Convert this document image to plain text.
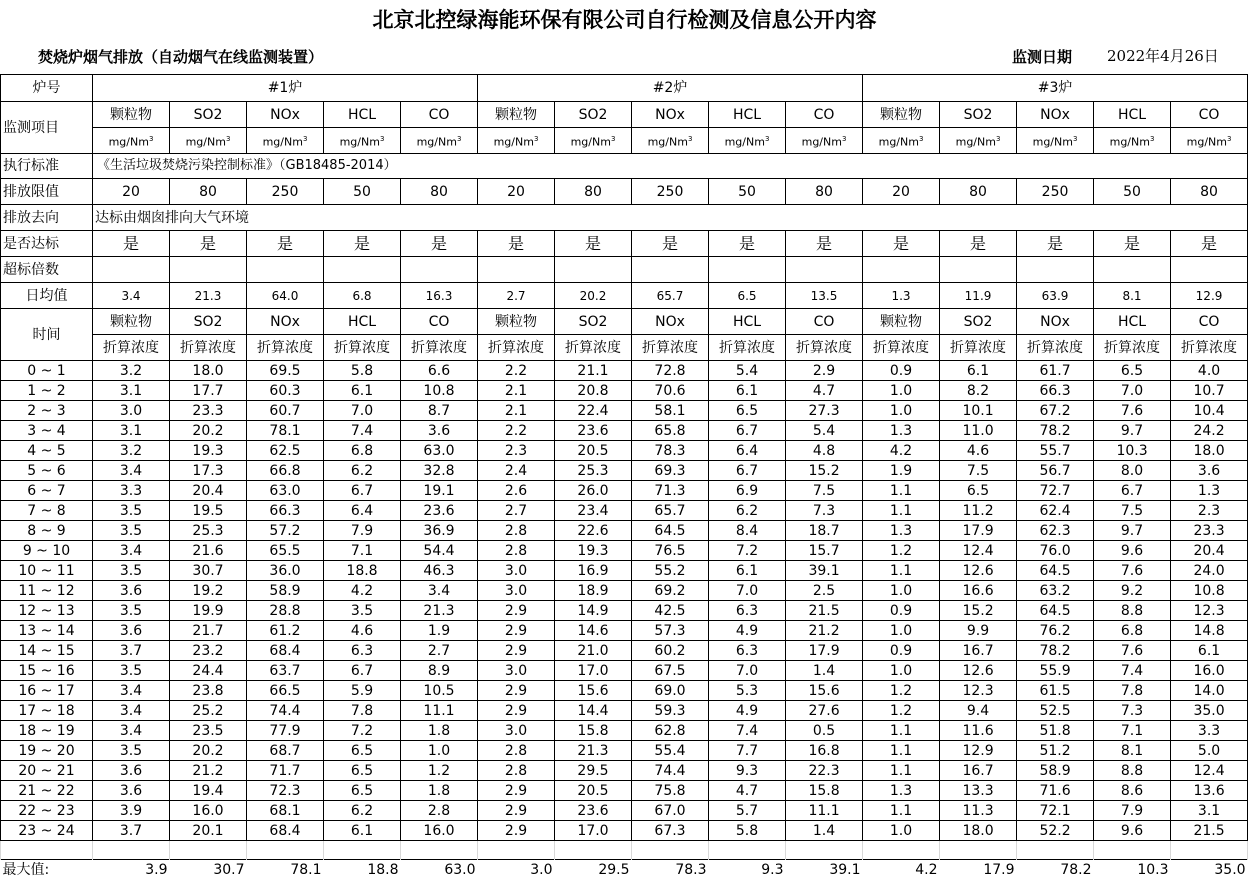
北京北控绿海能环保有限公司自行检测及信息公开内容
焚烧炉烟气排放（自动烟气在线监测装置）	监测日期 2022年4月26日
炉号	#1炉					#2炉					#3炉				
监测项目	颗粒物	SO2	NOx	HCL	CO	颗粒物	SO2	NOx	HCL	CO	颗粒物	SO2	NOx	HCL	CO
	mg/Nm$^3$	mg/Nm$^3$	mg/Nm$^3$	mg/Nm$^3$	mg/Nm$^3$	mg/Nm$^3$	mg/Nm$^3$	mg/Nm$^3$	mg/Nm$^3$	mg/Nm$^3$	mg/Nm$^3$	mg/Nm$^3$	mg/Nm$^3$	mg/Nm$^3$	mg/Nm$^3$
执行标准	《生活垃圾焚烧污染控制标准》（GB18485-2014）														
排放限值	20	80	250	50	80	20	80	250	50	80	20	80	250	50	80
排放去向	达标由烟囱排向大气环境														
是否达标	是	是	是	是	是	是	是	是	是	是	是	是	是	是	是
超标倍数															
日均值	3.4	21.3	64.0	6.8	16.3	2.7	20.2	65.7	6.5	13.5	1.3	11.9	63.9	8.1	12.9
时间	颗粒物	SO2	NOx	HCL	CO	颗粒物	SO2	NOx	HCL	CO	颗粒物	SO2	NOx	HCL	CO
	折算浓度	折算浓度	折算浓度	折算浓度	折算浓度	折算浓度	折算浓度	折算浓度	折算浓度	折算浓度	折算浓度	折算浓度	折算浓度	折算浓度	折算浓度
0 ~ 1	3.2	18.0	69.5	5.8	6.6	2.2	21.1	72.8	5.4	2.9	0.9	6.1	61.7	6.5	4.0
1 ~ 2	3.1	17.7	60.3	6.1	10.8	2.1	20.8	70.6	6.1	4.7	1.0	8.2	66.3	7.0	10.7
2 ~ 3	3.0	23.3	60.7	7.0	8.7	2.1	22.4	58.1	6.5	27.3	1.0	10.1	67.2	7.6	10.4
3 ~ 4	3.1	20.2	78.1	7.4	3.6	2.2	23.6	65.8	6.7	5.4	1.3	11.0	78.2	9.7	24.2
4 ~ 5	3.2	19.3	62.5	6.8	63.0	2.3	20.5	78.3	6.4	4.8	4.2	4.6	55.7	10.3	18.0
5 ~ 6	3.4	17.3	66.8	6.2	32.8	2.4	25.3	69.3	6.7	15.2	1.9	7.5	56.7	8.0	3.6
6 ~ 7	3.3	20.4	63.0	6.7	19.1	2.6	26.0	71.3	6.9	7.5	1.1	6.5	72.7	6.7	1.3
7 ~ 8	3.5	19.5	66.3	6.4	23.6	2.7	23.4	65.7	6.2	7.3	1.1	11.2	62.4	7.5	2.3
8 ~ 9	3.5	25.3	57.2	7.9	36.9	2.8	22.6	64.5	8.4	18.7	1.3	17.9	62.3	9.7	23.3
9 ~ 10	3.4	21.6	65.5	7.1	54.4	2.8	19.3	76.5	7.2	15.7	1.2	12.4	76.0	9.6	20.4
10 ~ 11	3.5	30.7	36.0	18.8	46.3	3.0	16.9	55.2	6.1	39.1	1.1	12.6	64.5	7.6	24.0
11 ~ 12	3.6	19.2	58.9	4.2	3.4	3.0	18.9	69.2	7.0	2.5	1.0	16.6	63.2	9.2	10.8
12 ~ 13	3.5	19.9	28.8	3.5	21.3	2.9	14.9	42.5	6.3	21.5	0.9	15.2	64.5	8.8	12.3
13 ~ 14	3.6	21.7	61.2	4.6	1.9	2.9	14.6	57.3	4.9	21.2	1.0	9.9	76.2	6.8	14.8
14 ~ 15	3.7	23.2	68.4	6.3	2.7	2.9	21.0	60.2	6.3	17.9	0.9	16.7	78.2	7.6	6.1
15 ~ 16	3.5	24.4	63.7	6.7	8.9	3.0	17.0	67.5	7.0	1.4	1.0	12.6	55.9	7.4	16.0
16 ~ 17	3.4	23.8	66.5	5.9	10.5	2.9	15.6	69.0	5.3	15.6	1.2	12.3	61.5	7.8	14.0
17 ~ 18	3.4	25.2	74.4	7.8	11.1	2.9	14.4	59.3	4.9	27.6	1.2	9.4	52.5	7.3	35.0
18 ~ 19	3.4	23.5	77.9	7.2	1.8	3.0	15.8	62.8	7.4	0.5	1.1	11.6	51.8	7.1	3.3
19 ~ 20	3.5	20.2	68.7	6.5	1.0	2.8	21.3	55.4	7.7	16.8	1.1	12.9	51.2	8.1	5.0
20 ~ 21	3.6	21.2	71.7	6.5	1.2	2.8	29.5	74.4	9.3	22.3	1.1	16.7	58.9	8.8	12.4
21 ~ 22	3.6	19.4	72.3	6.5	1.8	2.9	20.5	75.8	4.7	15.8	1.3	13.3	71.6	8.6	13.6
22 ~ 23	3.9	16.0	68.1	6.2	2.8	2.9	23.6	67.0	5.7	11.1	1.1	11.3	72.1	7.9	3.1
23 ~ 24	3.7	20.1	68.4	6.1	16.0	2.9	17.0	67.3	5.8	1.4	1.0	18.0	52.2	9.6	21.5

最大值:	3.9	30.7	78.1	18.8	63.0	3.0	29.5	78.3	9.3	39.1	4.2	17.9	78.2	10.3	35.0
